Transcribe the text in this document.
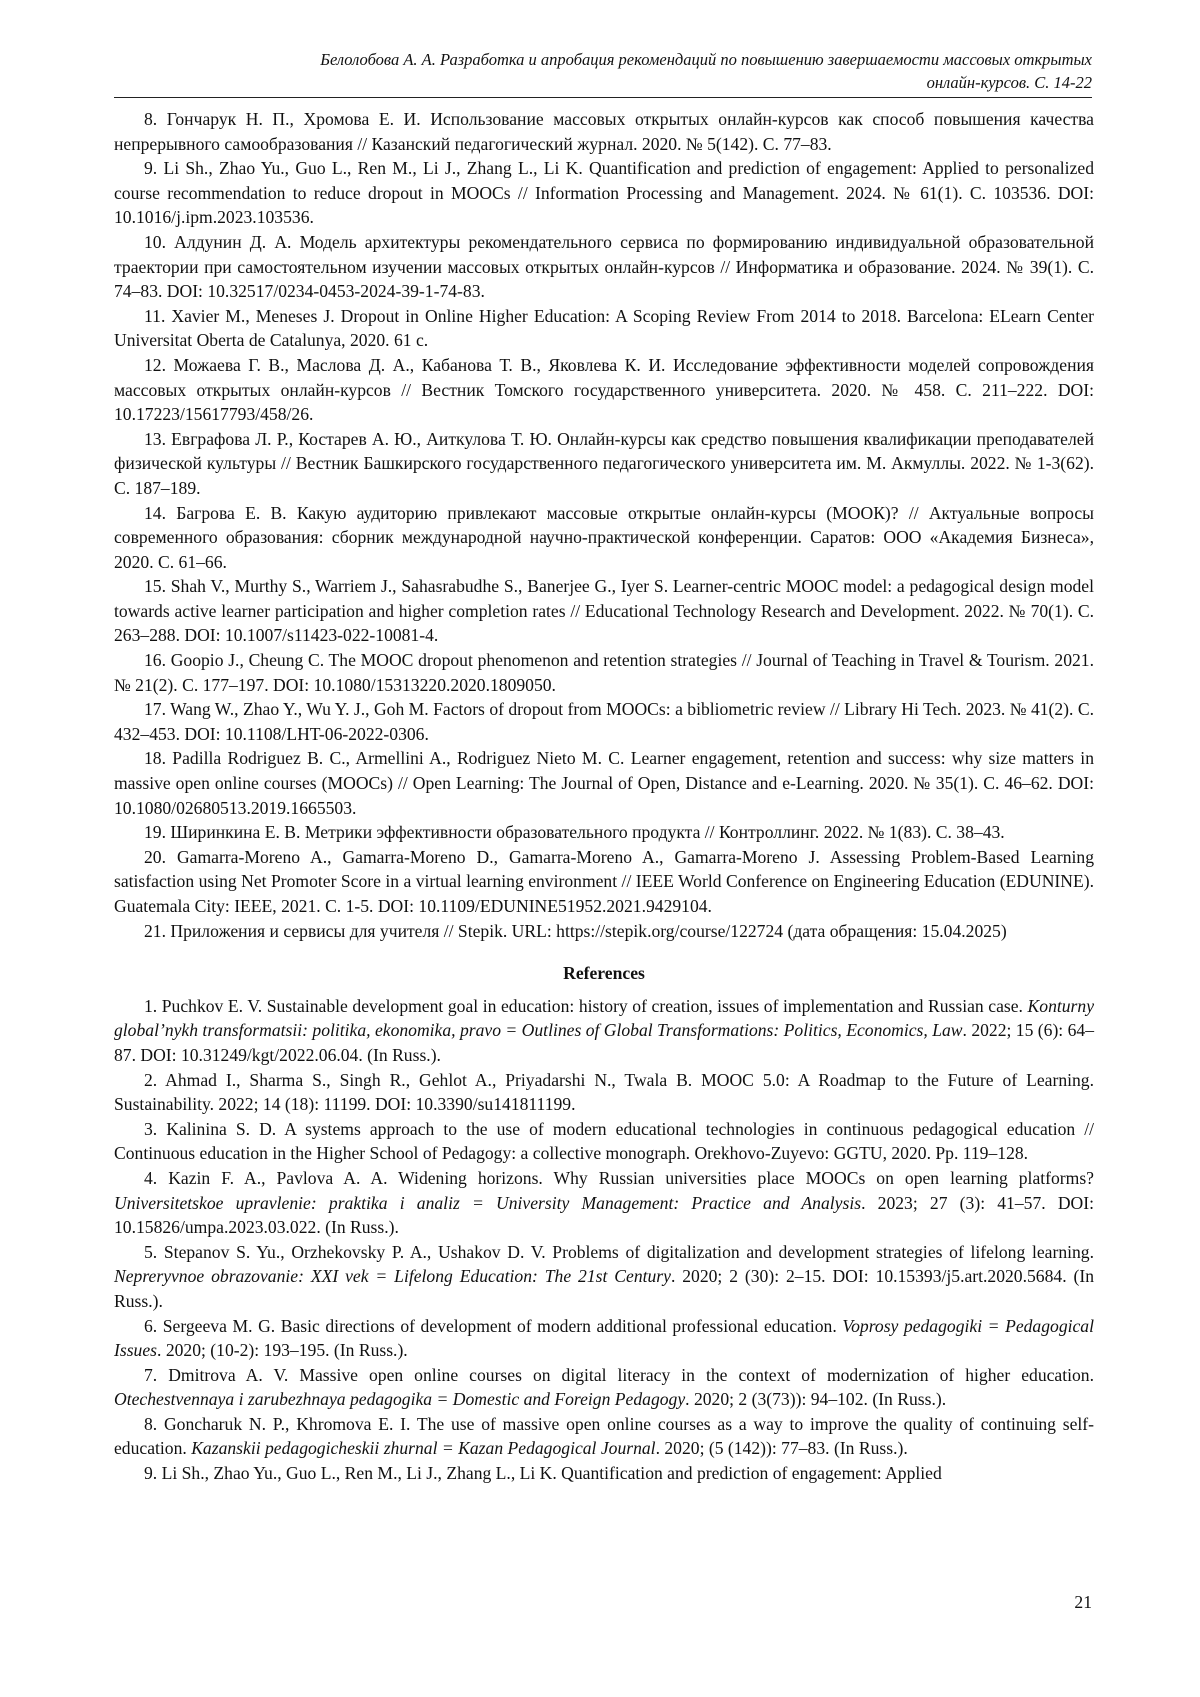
Белолобова А. А. Разработка и апробация рекомендаций по повышению завершаемости массовых открытых
онлайн-курсов. С. 14-22

8. Гончарук Н. П., Хромова Е. И. Использование массовых открытых онлайн-курсов как способ повышения качества непрерывного самообразования // Казанский педагогический журнал. 2020. № 5(142). С. 77–83.

9. Li Sh., Zhao Yu., Guo L., Ren M., Li J., Zhang L., Li K. Quantification and prediction of engagement: Applied to personalized course recommendation to reduce dropout in MOOCs // Information Processing and Management. 2024. № 61(1). С. 103536. DOI: 10.1016/j.ipm.2023.103536.

10. Алдунин Д. А. Модель архитектуры рекомендательного сервиса по формированию индивидуальной образовательной траектории при самостоятельном изучении массовых открытых онлайн-курсов // Информатика и образование. 2024. № 39(1). С. 74–83. DOI: 10.32517/0234-0453-2024-39-1-74-83.

11. Xavier M., Meneses J. Dropout in Online Higher Education: A Scoping Review From 2014 to 2018. Barcelona: ELearn Center Universitat Oberta de Catalunya, 2020. 61 с.

12. Можаева Г. В., Маслова Д. А., Кабанова Т. В., Яковлева К. И. Исследование эффективности моделей сопровождения массовых открытых онлайн-курсов // Вестник Томского государственного университета. 2020. № 458. С. 211–222. DOI: 10.17223/15617793/458/26.

13. Евграфова Л. Р., Костарев А. Ю., Аиткулова Т. Ю. Онлайн-курсы как средство повышения квалификации преподавателей физической культуры // Вестник Башкирского государственного педагогического университета им. М. Акмуллы. 2022. № 1-3(62). С. 187–189.

14. Багрова Е. В. Какую аудиторию привлекают массовые открытые онлайн-курсы (МООК)? // Актуальные вопросы современного образования: сборник международной научно-практической конференции. Саратов: ООО «Академия Бизнеса», 2020. С. 61–66.

15. Shah V., Murthy S., Warriem J., Sahasrabudhe S., Banerjee G., Iyer S. Learner-centric MOOC model: a pedagogical design model towards active learner participation and higher completion rates // Educational Technology Research and Development. 2022. № 70(1). С. 263–288. DOI: 10.1007/s11423-022-10081-4.

16. Goopio J., Cheung C. The MOOC dropout phenomenon and retention strategies // Journal of Teaching in Travel & Tourism. 2021. № 21(2). С. 177–197. DOI: 10.1080/15313220.2020.1809050.

17. Wang W., Zhao Y., Wu Y. J., Goh M. Factors of dropout from MOOCs: a bibliometric review // Library Hi Tech. 2023. № 41(2). С. 432–453. DOI: 10.1108/LHT-06-2022-0306.

18. Padilla Rodriguez B. C., Armellini A., Rodriguez Nieto M. C. Learner engagement, retention and success: why size matters in massive open online courses (MOOCs) // Open Learning: The Journal of Open, Distance and e-Learning. 2020. № 35(1). С. 46–62. DOI: 10.1080/02680513.2019.1665503.

19. Ширинкина Е. В. Метрики эффективности образовательного продукта // Контроллинг. 2022. № 1(83). С. 38–43.

20. Gamarra-Moreno A., Gamarra-Moreno D., Gamarra-Moreno A., Gamarra-Moreno J. Assessing Problem-Based Learning satisfaction using Net Promoter Score in a virtual learning environment // IEEE World Conference on Engineering Education (EDUNINE). Guatemala City: IEEE, 2021. С. 1-5. DOI: 10.1109/EDUNINE51952.2021.9429104.

21. Приложения и сервисы для учителя // Stepik. URL: https://stepik.org/course/122724 (дата обращения: 15.04.2025)

References

1. Puchkov E. V. Sustainable development goal in education: history of creation, issues of implementation and Russian case. Konturny global’nykh transformatsii: politika, ekonomika, pravo = Outlines of Global Transformations: Politics, Economics, Law. 2022; 15 (6): 64–87. DOI: 10.31249/kgt/2022.06.04. (In Russ.).

2. Ahmad I., Sharma S., Singh R., Gehlot A., Priyadarshi N., Twala B. MOOC 5.0: A Roadmap to the Future of Learning. Sustainability. 2022; 14 (18): 11199. DOI: 10.3390/su141811199.

3. Kalinina S. D. A systems approach to the use of modern educational technologies in continuous pedagogical education // Continuous education in the Higher School of Pedagogy: a collective monograph. Orekhovo-Zuyevo: GGTU, 2020. Pp. 119–128.

4. Kazin F. A., Pavlova A. A. Widening horizons. Why Russian universities place MOOCs on open learning platforms? Universitetskoe upravlenie: praktika i analiz = University Management: Practice and Analysis. 2023; 27 (3): 41–57. DOI: 10.15826/umpa.2023.03.022. (In Russ.).

5. Stepanov S. Yu., Orzhekovsky P. A., Ushakov D. V. Problems of digitalization and development strategies of lifelong learning. Nepreryvnoe obrazovanie: XXI vek = Lifelong Education: The 21st Century. 2020; 2 (30): 2–15. DOI: 10.15393/j5.art.2020.5684. (In Russ.).

6. Sergeeva M. G. Basic directions of development of modern additional professional education. Voprosy pedagogiki = Pedagogical Issues. 2020; (10-2): 193–195. (In Russ.).

7. Dmitrova A. V. Massive open online courses on digital literacy in the context of modernization of higher education. Otechestvennaya i zarubezhnaya pedagogika = Domestic and Foreign Pedagogy. 2020; 2 (3(73)): 94–102. (In Russ.).

8. Goncharuk N. P., Khromova E. I. The use of massive open online courses as a way to improve the quality of continuing self-education. Kazanskii pedagogicheskii zhurnal = Kazan Pedagogical Journal. 2020; (5 (142)): 77–83. (In Russ.).

9. Li Sh., Zhao Yu., Guo L., Ren M., Li J., Zhang L., Li K. Quantification and prediction of engagement: Applied

21
